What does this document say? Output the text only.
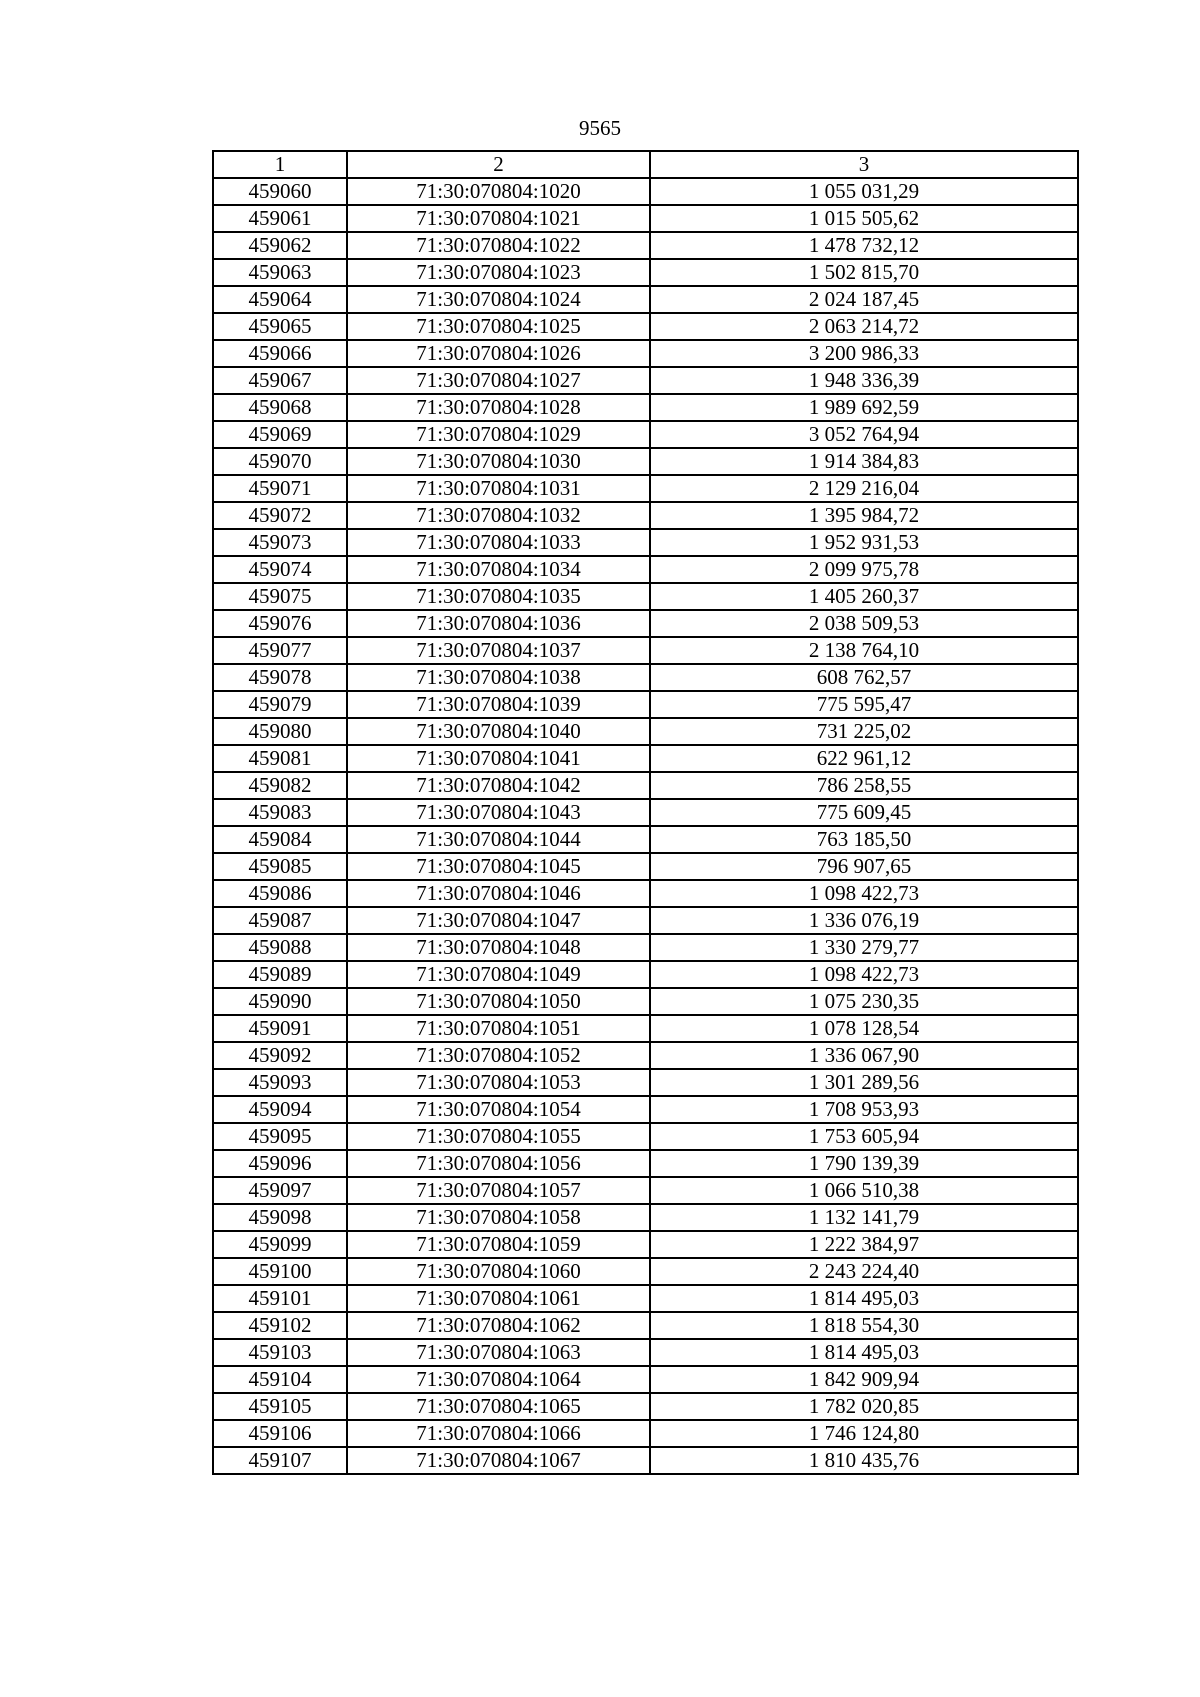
9565
1	2	3
459060	71:30:070804:1020	1 055 031,29
459061	71:30:070804:1021	1 015 505,62
459062	71:30:070804:1022	1 478 732,12
459063	71:30:070804:1023	1 502 815,70
459064	71:30:070804:1024	2 024 187,45
459065	71:30:070804:1025	2 063 214,72
459066	71:30:070804:1026	3 200 986,33
459067	71:30:070804:1027	1 948 336,39
459068	71:30:070804:1028	1 989 692,59
459069	71:30:070804:1029	3 052 764,94
459070	71:30:070804:1030	1 914 384,83
459071	71:30:070804:1031	2 129 216,04
459072	71:30:070804:1032	1 395 984,72
459073	71:30:070804:1033	1 952 931,53
459074	71:30:070804:1034	2 099 975,78
459075	71:30:070804:1035	1 405 260,37
459076	71:30:070804:1036	2 038 509,53
459077	71:30:070804:1037	2 138 764,10
459078	71:30:070804:1038	608 762,57
459079	71:30:070804:1039	775 595,47
459080	71:30:070804:1040	731 225,02
459081	71:30:070804:1041	622 961,12
459082	71:30:070804:1042	786 258,55
459083	71:30:070804:1043	775 609,45
459084	71:30:070804:1044	763 185,50
459085	71:30:070804:1045	796 907,65
459086	71:30:070804:1046	1 098 422,73
459087	71:30:070804:1047	1 336 076,19
459088	71:30:070804:1048	1 330 279,77
459089	71:30:070804:1049	1 098 422,73
459090	71:30:070804:1050	1 075 230,35
459091	71:30:070804:1051	1 078 128,54
459092	71:30:070804:1052	1 336 067,90
459093	71:30:070804:1053	1 301 289,56
459094	71:30:070804:1054	1 708 953,93
459095	71:30:070804:1055	1 753 605,94
459096	71:30:070804:1056	1 790 139,39
459097	71:30:070804:1057	1 066 510,38
459098	71:30:070804:1058	1 132 141,79
459099	71:30:070804:1059	1 222 384,97
459100	71:30:070804:1060	2 243 224,40
459101	71:30:070804:1061	1 814 495,03
459102	71:30:070804:1062	1 818 554,30
459103	71:30:070804:1063	1 814 495,03
459104	71:30:070804:1064	1 842 909,94
459105	71:30:070804:1065	1 782 020,85
459106	71:30:070804:1066	1 746 124,80
459107	71:30:070804:1067	1 810 435,76
